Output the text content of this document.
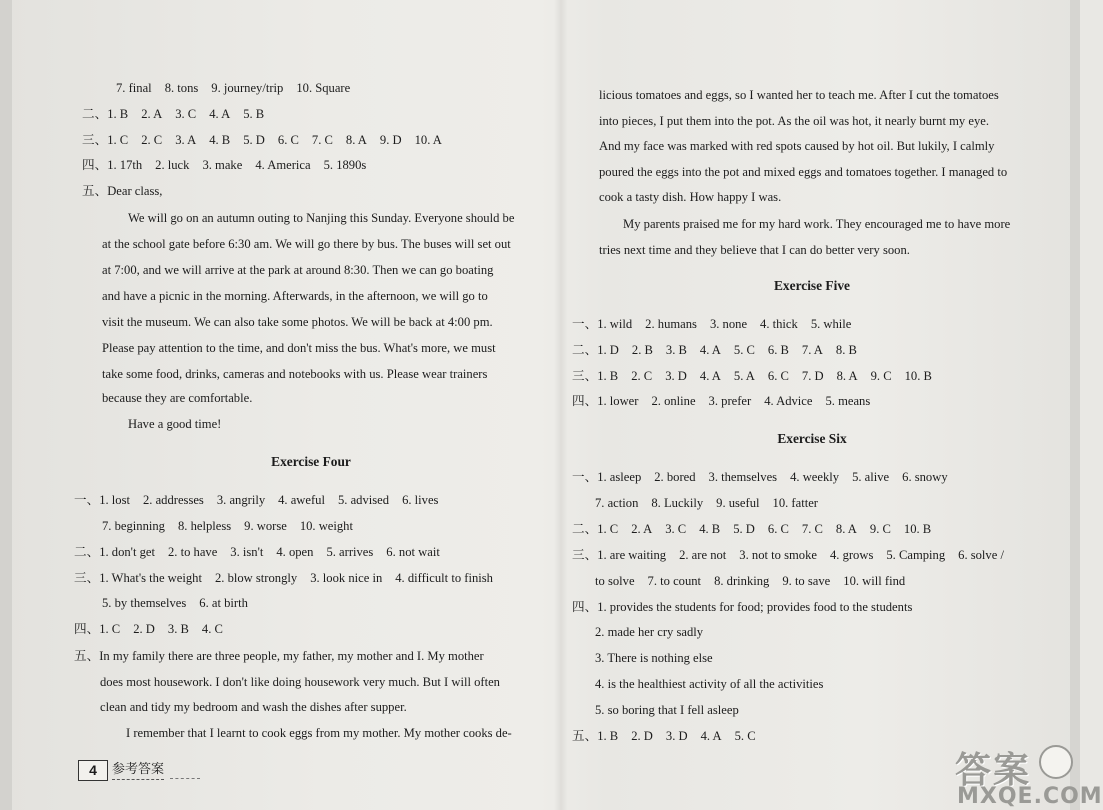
7. final 8. tons 9. journey/trip 10. Square
二、1. B 2. A 3. C 4. A 5. B
三、1. C 2. C 3. A 4. B 5. D 6. C 7. C 8. A 9. D 10. A
四、1. 17th 2. luck 3. make 4. America 5. 1890s
五、Dear class,
We will go on an autumn outing to Nanjing this Sunday. Everyone should be
at the school gate before 6:30 am. We will go there by bus. The buses will set out
at 7:00, and we will arrive at the park at around 8:30. Then we can go boating
and have a picnic in the morning. Afterwards, in the afternoon, we will go to
visit the museum. We can also take some photos. We will be back at 4:00 pm.
Please pay attention to the time, and don't miss the bus. What's more, we must
take some food, drinks, cameras and notebooks with us. Please wear trainers
because they are comfortable.
Have a good time!
Exercise Four
一、1. lost 2. addresses 3. angrily 4. aweful 5. advised 6. lives
7. beginning 8. helpless 9. worse 10. weight
二、1. don't get 2. to have 3. isn't 4. open 5. arrives 6. not wait
三、1. What's the weight 2. blow strongly 3. look nice in 4. difficult to finish
5. by themselves 6. at birth
四、1. C 2. D 3. B 4. C
五、In my family there are three people, my father, my mother and I. My mother
does most housework. I don't like doing housework very much. But I will often
clean and tidy my bedroom and wash the dishes after supper.
I remember that I learnt to cook eggs from my mother. My mother cooks de-
licious tomatoes and eggs, so I wanted her to teach me. After I cut the tomatoes
into pieces, I put them into the pot. As the oil was hot, it nearly burnt my eye.
And my face was marked with red spots caused by hot oil. But lukily, I calmly
poured the eggs into the pot and mixed eggs and tomatoes together. I managed to
cook a tasty dish. How happy I was.
My parents praised me for my hard work. They encouraged me to have more
tries next time and they believe that I can do better very soon.
Exercise Five
一、1. wild 2. humans 3. none 4. thick 5. while
二、1. D 2. B 3. B 4. A 5. C 6. B 7. A 8. B
三、1. B 2. C 3. D 4. A 5. A 6. C 7. D 8. A 9. C 10. B
四、1. lower 2. online 3. prefer 4. Advice 5. means
Exercise Six
一、1. asleep 2. bored 3. themselves 4. weekly 5. alive 6. snowy
7. action 8. Luckily 9. useful 10. fatter
二、1. C 2. A 3. C 4. B 5. D 6. C 7. C 8. A 9. C 10. B
三、1. are waiting 2. are not 3. not to smoke 4. grows 5. Camping 6. solve /
to solve 7. to count 8. drinking 9. to save 10. will find
四、1. provides the students for food; provides food to the students
2. made her cry sadly
3. There is nothing else
4. is the healthiest activity of all the activities
5. so boring that I fell asleep
五、1. B 2. D 3. D 4. A 5. C
4	参考答案	答案
MXQE.COM
